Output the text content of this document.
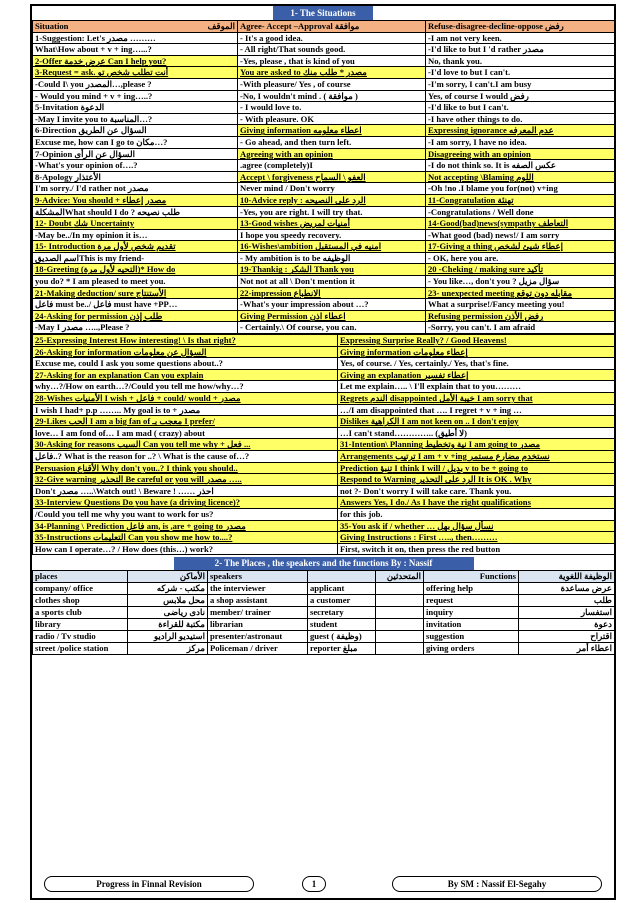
1- The Situations
Situation الموقف	Agree- Accept –Approval موافقة	Refuse-disagree-decline-oppose رفض
1-Suggestion: Let's مصدر ………	- It's a good idea.	-I am not very keen.
What\How about + v + ing…...?	- All right/That sounds good.	-I'd like to but I 'd rather مصدر
2-Offer عرض خدمة Can I help you?	-Yes, please , that is kind of you	No, thank you.
3-Request = ask. أنت تطلب شخص تو	You are asked to مصدر * طلب منك	-I'd love to but I can't.
-Could I\ you المصدر…,please ?	-With pleasure/ Yes , of course	-I'm sorry, I can't.I am busy
- Would you mind + v + ing…..?	-No, I wouldn't mind . ( موافقة )	Yes, of course I would رفض
5-Invitation الدعوة	- I would love to.	-I'd like to but I can't.
-May I invite you to المناسبة…?	- With pleasure. OK	-I have other things to do.
6-Direction السؤال عن الطريق	Giving information اعطاء معلومه	Expressing ignorance عدم المعرفه
Excuse me, how can I go to مكان…?	- Go ahead, and then turn left.	-I am sorry, I have no idea.
7-Opinion السؤال عن الرأى	Agreeing with an opinion	Disagreeing with an opinion
-What's your opinion of….?	.agree (completely)I	-I do not think so. It is عكس الصفه
8-Apology الأعتذار	Accept \ forgiveness العفو \ السماح	Not accepting \Blaming اللوم
I'm sorry./ I'd rather not مصدر	Never mind / Don't worry	-Oh !no .I blame you for(not) v+ing
9-Advice: You should + مصدر إعطاء	10-Advice reply : الرد على النصيحه	11-Congratulation تهنئة
المشكلةWhat should I do ? طلب نصيحه	-Yes, you are right. I will try that.	-Congratulations / Well done
12- Doubt شك Uncertainty	13-Good wishes أمنيات لمريض	14-Good(bad)news(sympathy التعاطف
-May be../In my opinion it is…	I hope you speedy recovery.	-What good (bad) news!/ I am sorry
15- Introduction تقديم شخص لأول مرة	16-Wishes\ambition امنيه في المستقبل	17-Giving a thing إعطاء شيئ لشخص
اسم الصديقThis is my friend-	- My ambition is to be الوظيفه	- OK, here you are.
18-Greeting (التحيه لأول مرة)* How do	19-Thankig : الشكر Thank you	20 -Cheking / making sure تأكيد
you do? * I am pleased to meet you.	Not not at all \ Don't mention it	- You like…, don't you ? سؤال مزيل
21-Making deduction/ sure الأستنتاج	22-impression الانطباع	23- unexpected meeting مقابله دون توقع
فاعل must be../ فاعل must have +PP…	-What's your impression about …?	What a surprise!/Fancy meeting you!
24-Asking for permission طلب إذن	Giving Permission اعطاء اذن	Refusing permission رفض الأذن
-May I مصدر …..,Please ?	- Certainly.\ Of course, you can.	-Sorry, you can't. I am afraid
25-Expressing Interest How interesting! \ Is that right?	Expressing Surprise Really? / Good Heavens!
26-Asking for information السؤال عن معلومات	Giving information إعطاء معلومات
Excuse me, could I ask you some questions about..?	Yes, of course. / Yes, certainly./ Yes, that's fine.
27-Asking for an explanation Can you explain	Giving an explanation إعطاء تفسير
why…?/How on earth…?/Could you tell me how/why…?	Let me explain….. \ I'll explain that to you………
28-Wishes الأمنيات I wish + فاعل + could/ would + مصدر	Regrets الندم disappointed خيبة الأمل I am sorry that
I wish I had+ p.p …….. My goal is to + مصدر	…/I am disappointed that …. I regret + v + ing …
29-Likes الحب I am a big fan of معجب بـ I prefer/	Dislikes الكراهية I am not keen on .. I don't enjoy
love… I am fond of… I am mad ( crazy) about	…I can't stand………….. (لا أطيق)
30-Asking for reasons السبب Can you tell me why + فعل ...	31-Intention\ Planning نية وتخطيط I am going to مصدر
فاعل..? What is the reason for ..? \ What is the cause of…?	Arrangements ترتيب I am + v +ing نستخدم مضارع مستمر
Persuasion الأقناع Why don't you..? I think you should..	Prediction تنبؤ I think I will / بديل v to be + going to
32-Give warning التحذير Be careful or you will مصدر …..	Respond to Warning الرد على التحذير It is OK . Why
Don't مصدر …..\Watch out! \ Beware ! …… احذر	not ?- Don't worry I will take care. Thank you.
33-Interview Questions Do you have (a driving licence)?	Answers Yes, I do./ As I have the right qualifications
/Could you tell me why you want to work for us?	for this job.
34-Planning \ Prediction فاعل am, is ,are + going to مصدر	35-You ask if / whether … نسأل سؤال بهل
35-Instructions التعليمات Can you show me how to....?	Giving Instructions : First ….., then………
How can I operate…? / How does (this…) work?	First, switch it on, then press the red button
2- The Places , the speakers and the functions By : Nassif
places	الأماكن	speakers		المتحدثين	Functions	الوظيفة اللغوية
company/ office	مكتب - شركه	the interviewer	applicant		offering help	عرض مساعدة
clothes shop	محل ملابس	a shop assistant	a customer		request	طلب
a sports club	نادى رياضى	member/ trainer	secretary		inquiry	استفسار
library	مكتبة للقراءة	librarian	student		invitation	دعوة
radio / Tv studio	استيديو الراديو	presenter/astronaut	guest ( وظيفة)		suggestion	اقتراح
street /police station	مركز	Policeman / driver	reporter مبلغ		giving orders	اعطاء أمر
Progress in Finnal Revision	1	By SM : Nassif El-Segahy
